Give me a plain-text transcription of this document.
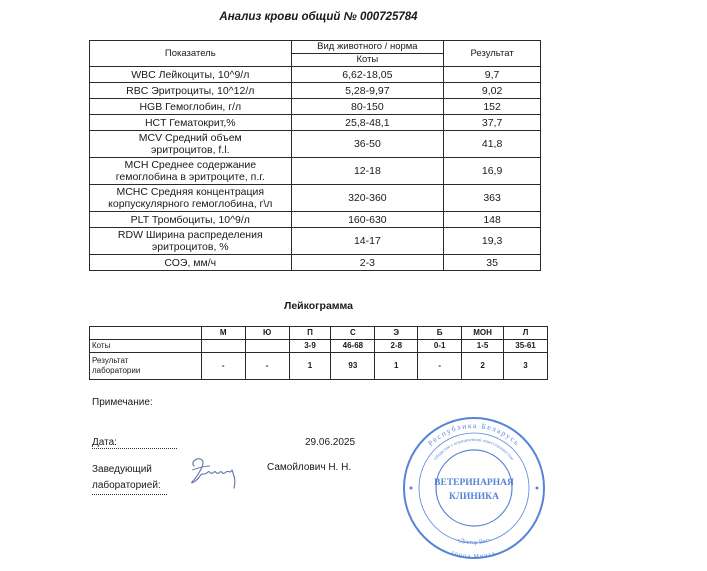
Анализ крови общий № 000725784
Показатель	Вид животного / норма	Результат
	Коты	
WBC Лейкоциты, 10^9/л	6,62-18,05	9,7
RBC Эритроциты, 10^12/л	5,28-9,97	9,02
HGB Гемоглобин, г/л	80-150	152
HCT Гематокрит,%	25,8-48,1	37,7

MCV Средний объем
эритроцитов, f.l.	36-50	41,8

MCH Среднее содержание
гемоглобина в эритроците, п.г.	12-18	16,9

MCHC Средняя концентрация
корпускулярного гемоглобина, г\л	320-360	363
PLT Тромбоциты, 10^9/л	160-630	148

RDW Ширина распределения
эритроцитов, %	14-17	19,3
СОЭ, мм/ч	2-3	35
Лейкограмма
	М	Ю	П	С	Э	Б	МОН	Л
Коты			3-9	46-68	2-8	0-1	1-5	35-61

Результат
лаборатории	-	-	1	93	1	-	2	3
Примечание:
Дата:	29.06.2025
Заведующий
лабораторией:
Самойлович Н. Н.
Республика Беларусь
Общество с ограниченной ответственностью
«Доктор Вет»
город Минск
ВЕТЕРИНАРНАЯ
КЛИНИКА
